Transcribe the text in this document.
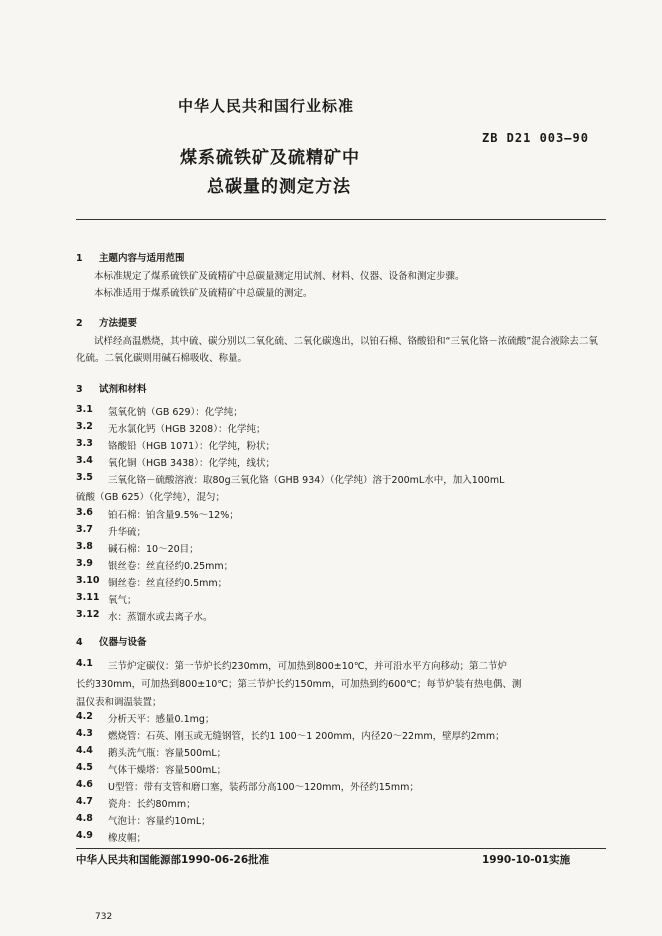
中华人民共和国行业标准
ZB D21 003—90
煤系硫铁矿及硫精矿中
总碳量的测定方法
1 主题内容与适用范围
本标准规定了煤系硫铁矿及硫精矿中总碳量测定用试剂、材料、仪器、设备和测定步骤。
本标准适用于煤系硫铁矿及硫精矿中总碳量的测定。
2 方法提要
试样经高温燃烧，其中硫、碳分别以二氧化硫、二氧化碳逸出，以铂石棉、铬酸铅和“三氧化铬－浓硫酸”混合液除去二氧化硫。二氧化碳则用碱石棉吸收、称量。
3 试剂和材料
3.1 氢氧化钠（GB 629）：化学纯；
3.2 无水氯化钙（HGB 3208）：化学纯；
3.3 铬酸铅（HGB 1071）：化学纯，粉状；
3.4 氧化铜（HGB 3438）：化学纯，线状；
3.5 三氧化铬－硫酸溶液：取80g三氧化铬（GHB 934）（化学纯）溶于200mL水中，加入100mL
硫酸（GB 625）（化学纯），混匀；
3.6 铂石棉：铂含量9.5%～12%；
3.7 升华硫；
3.8 碱石棉：10～20目；
3.9 银丝卷：丝直径约0.25mm；
3.10 铜丝卷：丝直径约0.5mm；
3.11 氧气；
3.12 水：蒸馏水或去离子水。
4 仪器与设备
4.1 三节炉定碳仪：第一节炉长约230mm，可加热到800±10℃，并可沿水平方向移动；第二节炉
长约330mm，可加热到800±10℃；第三节炉长约150mm，可加热到约600℃；每节炉装有热电偶、测
温仪表和调温装置；
4.2 分析天平：感量0.1mg；
4.3 燃烧管：石英、刚玉或无缝钢管，长约1 100～1 200mm，内径20～22mm，壁厚约2mm；
4.4 鹅头洗气瓶：容量500mL；
4.5 气体干燥塔：容量500mL；
4.6 U型管：带有支管和磨口塞，装药部分高100～120mm，外径约15mm；
4.7 瓷舟：长约80mm；
4.8 气泡计：容量约10mL；
4.9 橡皮帽；
中华人民共和国能源部1990-06-26批准	1990-10-01实施
732
